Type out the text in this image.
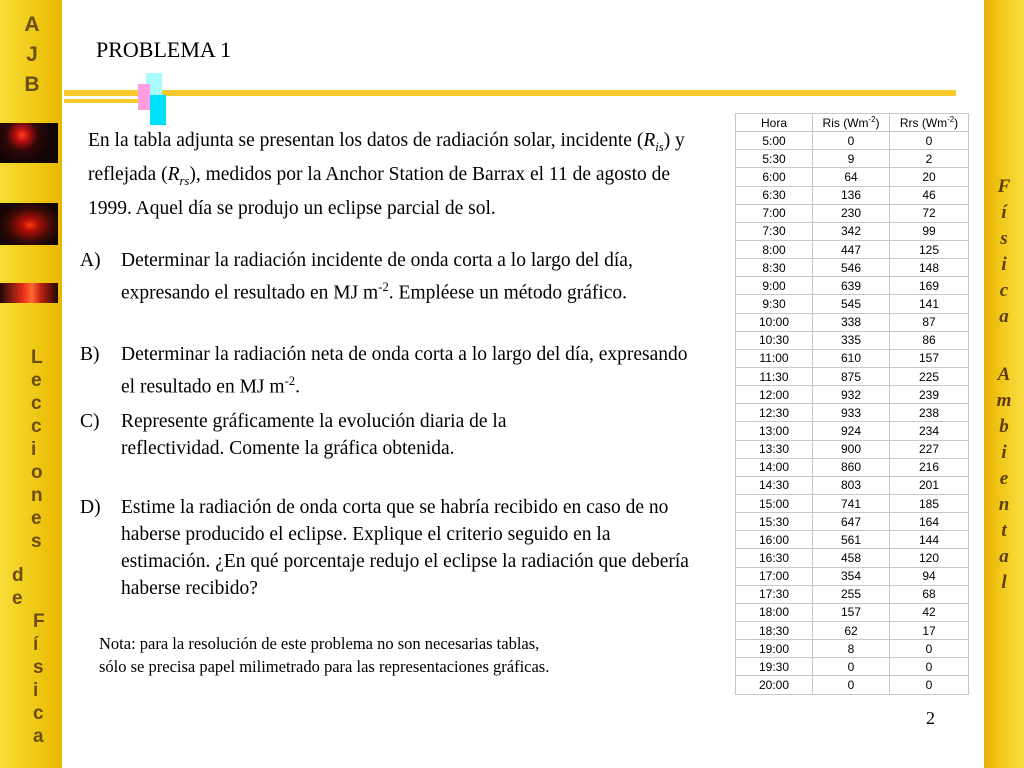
A
J
B
L
e
c
c
i
o
n
e
s
d
e
F
í
s
i
c
a
F
í
s
i
c
a
A
m
b
i
e
n
t
a
l
PROBLEMA 1
En la tabla adjunta se presentan los datos de radiación solar, incidente $(R_{is})$ y reflejada $(R_{rs})$, medidos por la Anchor Station de Barrax el 11 de agosto de 1999. Aquel día se produjo un eclipse parcial de sol.
A) Determinar la radiación incidente de onda corta a lo largo del día, expresando el resultado en MJ $m^{-2}$. Empléese un método gráfico.
B) Determinar la radiación neta de onda corta a lo largo del día, expresando el resultado en MJ $m^{-2}$.
C) Represente gráficamente la evolución diaria de la reflectividad. Comente la gráfica obtenida.
D) Estime la radiación de onda corta que se habría recibido en caso de no haberse producido el eclipse. Explique el criterio seguido en la estimación. ¿En qué porcentaje redujo el eclipse la radiación que debería haberse recibido?
Nota: para la resolución de este problema no son necesarias tablas,
sólo se precisa papel milimetrado para las representaciones gráficas.
2
Hora	Ris $(Wm^{-2})$	Rrs $(Wm^{-2})$
5:00	0	0
5:30	9	2
6:00	64	20
6:30	136	46
7:00	230	72
7:30	342	99
8:00	447	125
8:30	546	148
9:00	639	169
9:30	545	141
10:00	338	87
10:30	335	86
11:00	610	157
11:30	875	225
12:00	932	239
12:30	933	238
13:00	924	234
13:30	900	227
14:00	860	216
14:30	803	201
15:00	741	185
15:30	647	164
16:00	561	144
16:30	458	120
17:00	354	94
17:30	255	68
18:00	157	42
18:30	62	17
19:00	8	0
19:30	0	0
20:00	0	0
